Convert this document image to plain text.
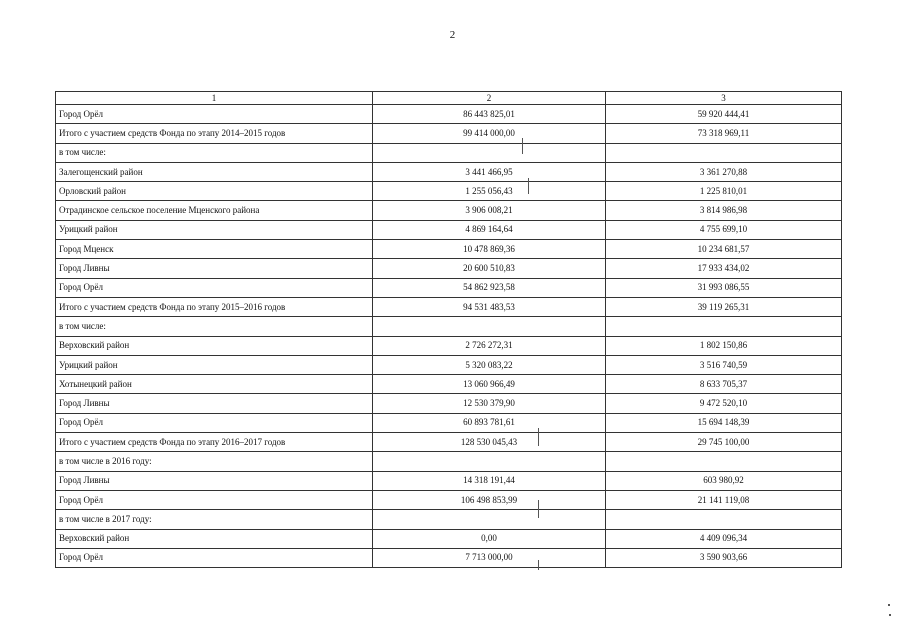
2
1	2	3
Город Орёл	86 443 825,01	59 920 444,41
Итого с участием средств Фонда по этапу 2014–2015 годов	99 414 000,00	73 318 969,11
в том числе:		
Залегощенский район	3 441 466,95	3 361 270,88
Орловский район	1 255 056,43	1 225 810,01
Отрадинское сельское поселение Мценского района	3 906 008,21	3 814 986,98
Урицкий район	4 869 164,64	4 755 699,10
Город Мценск	10 478 869,36	10 234 681,57
Город Ливны	20 600 510,83	17 933 434,02
Город Орёл	54 862 923,58	31 993 086,55
Итого с участием средств Фонда по этапу 2015–2016 годов	94 531 483,53	39 119 265,31
в том числе:		
Верховский район	2 726 272,31	1 802 150,86
Урицкий район	5 320 083,22	3 516 740,59
Хотынецкий район	13 060 966,49	8 633 705,37
Город Ливны	12 530 379,90	9 472 520,10
Город Орёл	60 893 781,61	15 694 148,39
Итого с участием средств Фонда по этапу 2016–2017 годов	128 530 045,43	29 745 100,00
в том числе в 2016 году:		
Город Ливны	14 318 191,44	603 980,92
Город Орёл	106 498 853,99	21 141 119,08
в том числе в 2017 году:		
Верховский район	0,00	4 409 096,34
Город Орёл	7 713 000,00	3 590 903,66
